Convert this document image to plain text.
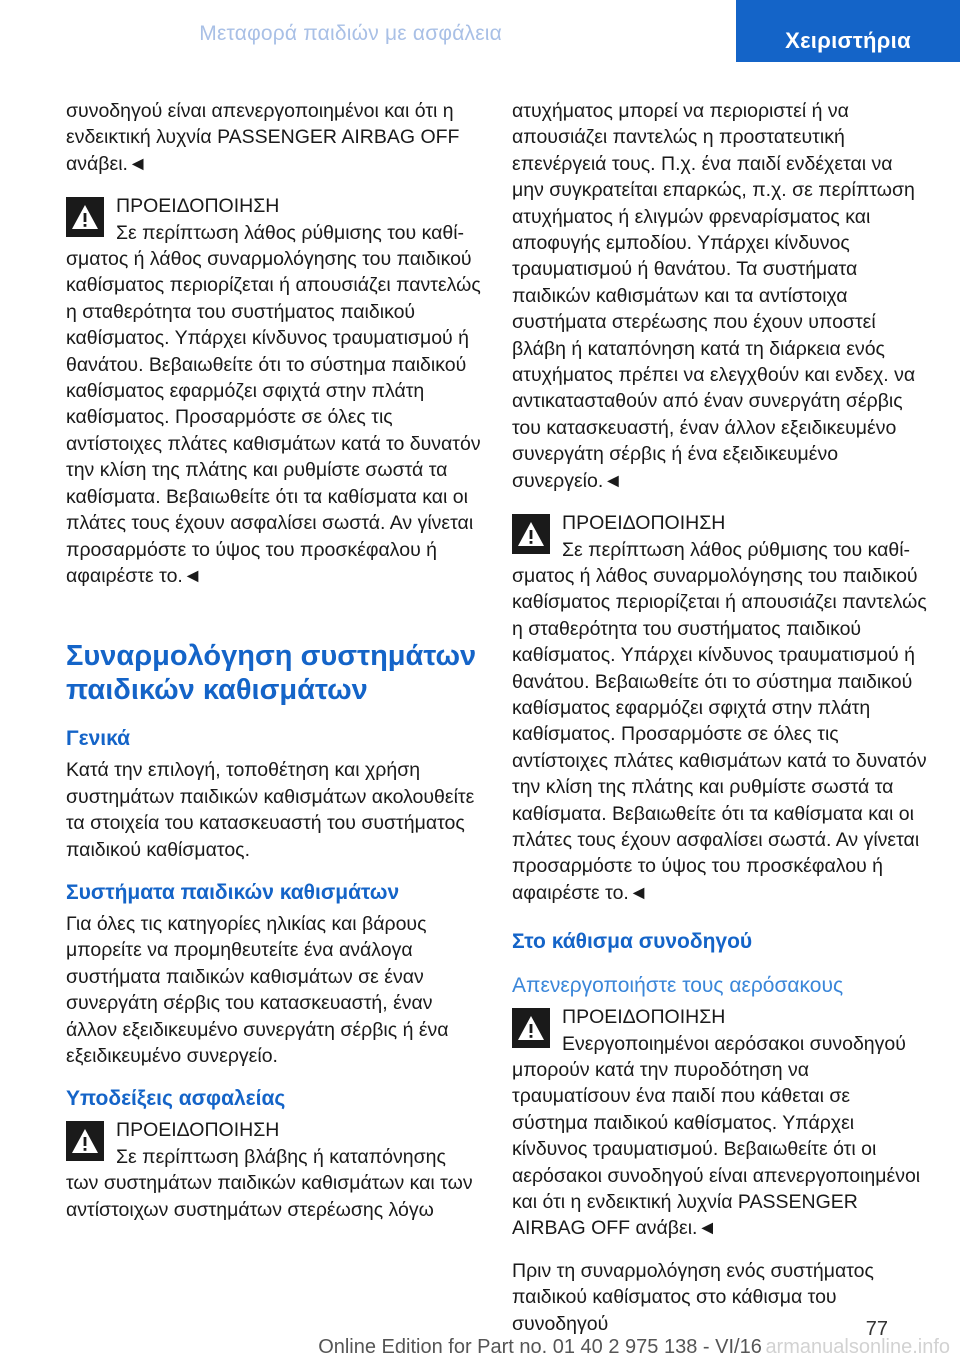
Μεταφορά παιδιών με ασφάλεια	Χειριστήρια

συνοδηγού είναι απενεργοποιημένοι και ότι η ενδεικτική λυχνία PASSENGER AIRBAG OFF ανάβει.◄

ΠΡΟΕΙΔΟΠΟΙΗΣΗ
Σε περίπτωση λάθος ρύθμισης του καθί-
σματος ή λάθος συναρμολόγησης του παιδικού καθίσματος περιορίζεται ή απουσιάζει παντελώς η σταθερότητα του συστήματος παιδικού καθίσματος. Υπάρχει κίνδυνος τραυματισμού ή θανάτου. Βεβαιωθείτε ότι το σύστημα παιδικού καθίσματος εφαρμόζει σφιχτά στην πλάτη καθίσματος. Προσαρμόστε σε όλες τις αντίστοιχες πλάτες καθισμάτων κατά το δυνατόν την κλίση της πλάτης και ρυθμίστε σωστά τα καθίσματα. Βεβαιωθείτε ότι τα καθίσματα και οι πλάτες τους έχουν ασφαλίσει σωστά. Αν γίνεται προσαρμόστε το ύψος του προσκέφαλου ή αφαιρέστε το.◄
Συναρμολόγηση συστημάτων παιδικών καθισμάτων
Γενικά

Κατά την επιλογή, τοποθέτηση και χρήση συστημάτων παιδικών καθισμάτων ακολουθείτε τα στοιχεία του κατασκευαστή του συστήματος παιδικού καθίσματος.

Συστήματα παιδικών καθισμάτων

Για όλες τις κατηγορίες ηλικίας και βάρους μπορείτε να προμηθευτείτε ένα ανάλογα συστήματα παιδικών καθισμάτων σε έναν συνεργάτη σέρβις του κατασκευαστή, έναν άλλον εξειδικευμένο συνεργάτη σέρβις ή ένα εξειδικευμένο συνεργείο.

Υποδείξεις ασφαλείας
ΠΡΟΕΙΔΟΠΟΙΗΣΗ
Σε περίπτωση βλάβης ή καταπόνησης
των συστημάτων παιδικών καθισμάτων και των αντίστοιχων συστημάτων στερέωσης λόγω

ατυχήματος μπορεί να περιοριστεί ή να απουσιάζει παντελώς η προστατευτική επενέργειά τους. Π.χ. ένα παιδί ενδέχεται να μην συγκρατείται επαρκώς, π.χ. σε περίπτωση ατυχήματος ή ελιγμών φρεναρίσματος και αποφυγής εμποδίου. Υπάρχει κίνδυνος τραυματισμού ή θανάτου. Τα συστήματα παιδικών καθισμάτων και τα αντίστοιχα συστήματα στερέωσης που έχουν υποστεί βλάβη ή καταπόνηση κατά τη διάρκεια ενός ατυχήματος πρέπει να ελεγχθούν και ενδεχ. να αντικατασταθούν από έναν συνεργάτη σέρβις του κατασκευαστή, έναν άλλον εξειδικευμένο συνεργάτη σέρβις ή ένα εξειδικευμένο συνεργείο.◄

ΠΡΟΕΙΔΟΠΟΙΗΣΗ
Σε περίπτωση λάθος ρύθμισης του καθί-
σματος ή λάθος συναρμολόγησης του παιδικού καθίσματος περιορίζεται ή απουσιάζει παντελώς η σταθερότητα του συστήματος παιδικού καθίσματος. Υπάρχει κίνδυνος τραυματισμού ή θανάτου. Βεβαιωθείτε ότι το σύστημα παιδικού καθίσματος εφαρμόζει σφιχτά στην πλάτη καθίσματος. Προσαρμόστε σε όλες τις αντίστοιχες πλάτες καθισμάτων κατά το δυνατόν την κλίση της πλάτης και ρυθμίστε σωστά τα καθίσματα. Βεβαιωθείτε ότι τα καθίσματα και οι πλάτες τους έχουν ασφαλίσει σωστά. Αν γίνεται προσαρμόστε το ύψος του προσκέφαλου ή αφαιρέστε το.◄
Στο κάθισμα συνοδηγού
Απενεργοποιήστε τους αερόσακους
ΠΡΟΕΙΔΟΠΟΙΗΣΗ
Ενεργοποιημένοι αερόσακοι συνοδηγού
μπορούν κατά την πυροδότηση να τραυματίσουν ένα παιδί που κάθεται σε σύστημα παιδικού καθίσματος. Υπάρχει κίνδυνος τραυματισμού. Βεβαιωθείτε ότι οι αερόσακοι συνοδηγού είναι απενεργοποιημένοι και ότι η ενδεικτική λυχνία PASSENGER AIRBAG OFF ανάβει.◄

Πριν τη συναρμολόγηση ενός συστήματος παιδικού καθίσματος στο κάθισμα του συνοδηγού	77
Online Edition for Part no. 01 40 2 975 138 - VI/16 armanualsonline.info
